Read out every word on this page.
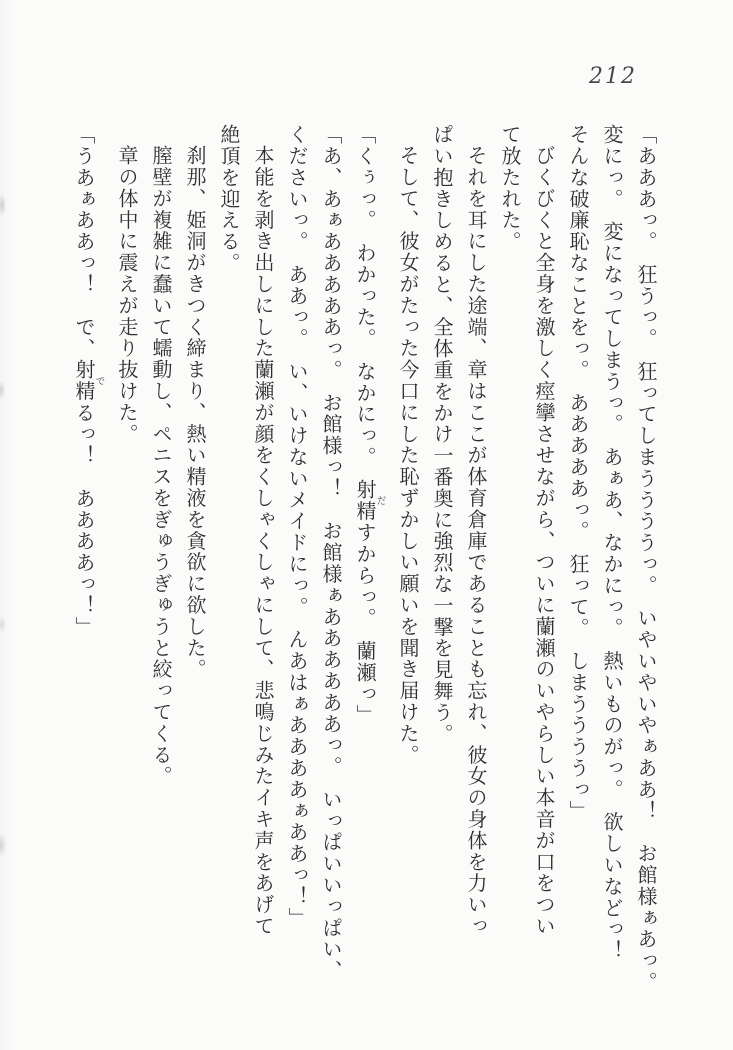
212
「あああっ。　狂うっ。　狂ってしまううううっ。　いやいやいやぁああ！　お館様ぁあっ。
変にっ。　変になってしまうっ。　あぁあ、なかにっ。　熱いものがっ。　欲しいなどっ！
そんな破廉恥なことをっ。　あああああっ。　狂って。　しまううううっ」
びくびくと全身を激しく痙攣させながら、ついに蘭瀬のいやらしい本音が口をつい
て放たれた。
それを耳にした途端、章はここが体育倉庫であることも忘れ、彼女の身体を力いっ
ぱい抱きしめると、全体重をかけ一番奥に強烈な一撃を見舞う。
そして、彼女がたった今口にした恥ずかしい願いを聞き届けた。
「くぅっ。　わかった。　なかにっ。　射精だすからっ。　蘭瀬っ」
「あ、あぁあああああっ。　お館様っ！　お館様ぁああああああっ。　いっぱいいっぱい、
くださいっ。　ああっ。　い、いけないメイドにっ。　んあはぁああああぁああっ！」
本能を剥き出しにした蘭瀬が顔をくしゃくしゃにして、悲鳴じみたイキ声をあげて
絶頂を迎える。
刹那、姫洞がきつく締まり、熱い精液を貪欲に欲した。
膣壁が複雑に蠢いて蠕動し、ペニスをぎゅうぎゅうと絞ってくる。
章の体中に震えが走り抜けた。
「うあぁああっ！　で、射精でるっ！　ああああっ！」
